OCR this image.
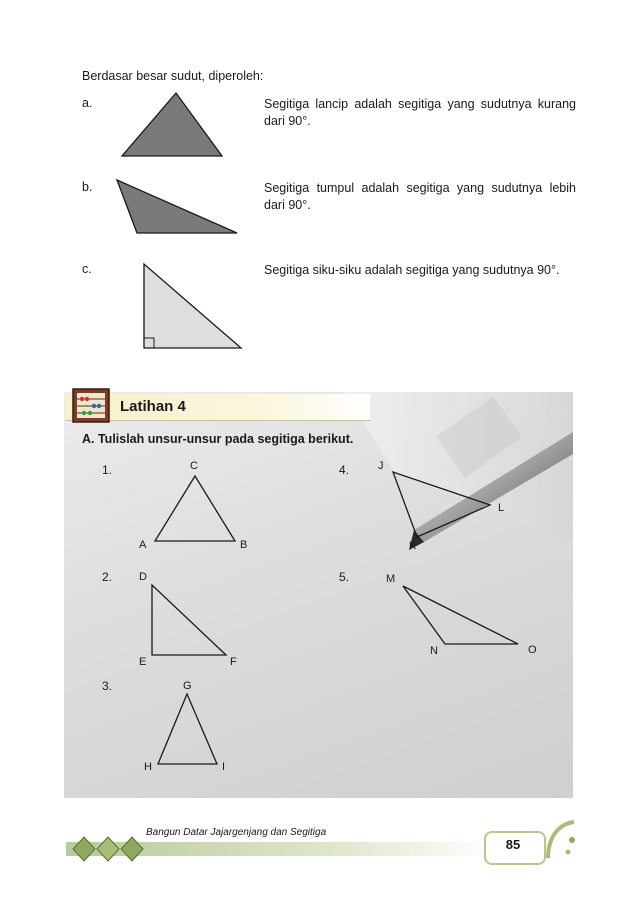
Berdasar besar sudut, diperoleh:
a.	Segitiga lancip adalah segitiga yang sudutnya kurang dari 90°.
b.	Segitiga tumpul adalah segitiga yang sudutnya lebih dari 90°.
c.	Segitiga siku-siku adalah segitiga yang sudutnya 90°.
Latihan 4
A. Tulislah unsur-unsur pada segitiga berikut.
1.
2.
3.
4.
5.
C
A	B
D
E	F
G
H	I
J
K
L
M
N	O
Bangun Datar Jajargenjang dan Segitiga
85
